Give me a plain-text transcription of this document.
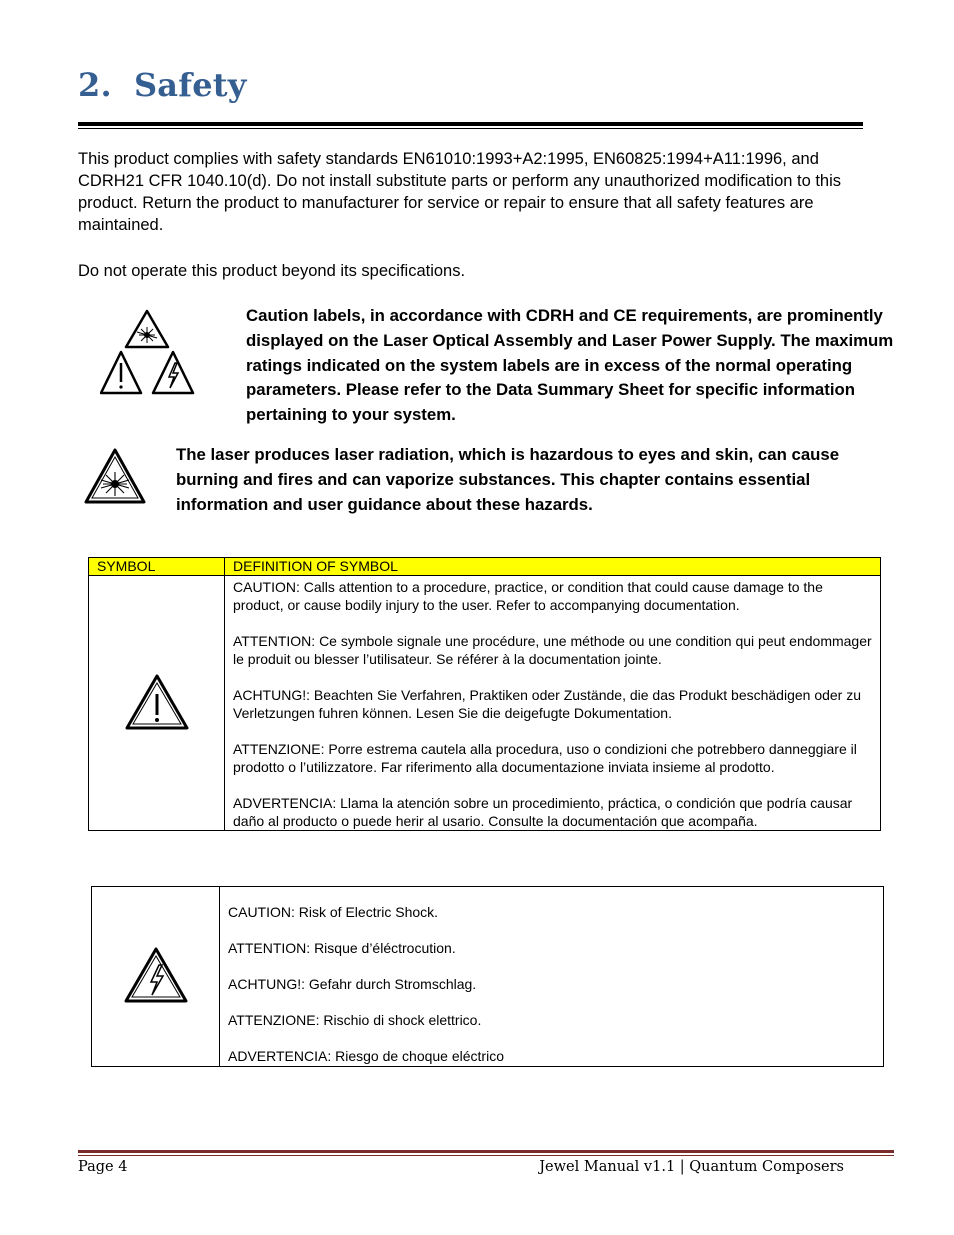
2. Safety
This product complies with safety standards EN61010:1993+A2:1995, EN60825:1994+A11:1996, and CDRH21 CFR 1040.10(d). Do not install substitute parts or perform any unauthorized modification to this product. Return the product to manufacturer for service or repair to ensure that all safety features are maintained.
Do not operate this product beyond its specifications.
Caution labels, in accordance with CDRH and CE requirements, are prominently displayed on the Laser Optical Assembly and Laser Power Supply. The maximum ratings indicated on the system labels are in excess of the normal operating parameters. Please refer to the Data Summary Sheet for specific information pertaining to your system.
The laser produces laser radiation, which is hazardous to eyes and skin, can cause burning and fires and can vaporize substances. This chapter contains essential information and user guidance about these hazards.
SYMBOL	DEFINITION OF SYMBOL

CAUTION: Calls attention to a procedure, practice, or condition that could cause damage to the product, or cause bodily injury to the user. Refer to accompanying documentation.

ATTENTION: Ce symbole signale une procédure, une méthode ou une condition qui peut endommager le produit ou blesser l’utilisateur. Se référer à la documentation jointe.

ACHTUNG!: Beachten Sie Verfahren, Praktiken oder Zustände, die das Produkt beschädigen oder zu Verletzungen fuhren können. Lesen Sie die deigefugte Dokumentation.

ATTENZIONE: Porre estrema cautela alla procedura, uso o condizioni che potrebbero danneggiare il prodotto o l’utilizzatore. Far riferimento alla documentazione inviata insieme al prodotto.

ADVERTENCIA: Llama la atención sobre un procedimiento, práctica, o condición que podría causar daño al producto o puede herir al usario. Consulte la documentación que acompaña.

CAUTION: Risk of Electric Shock.

ATTENTION: Risque d’éléctrocution.

ACHTUNG!: Gefahr durch Stromschlag.

ATTENZIONE: Rischio di shock elettrico.

ADVERTENCIA: Riesgo de choque eléctrico

Page 4	Jewel Manual v1.1 | Quantum Composers
